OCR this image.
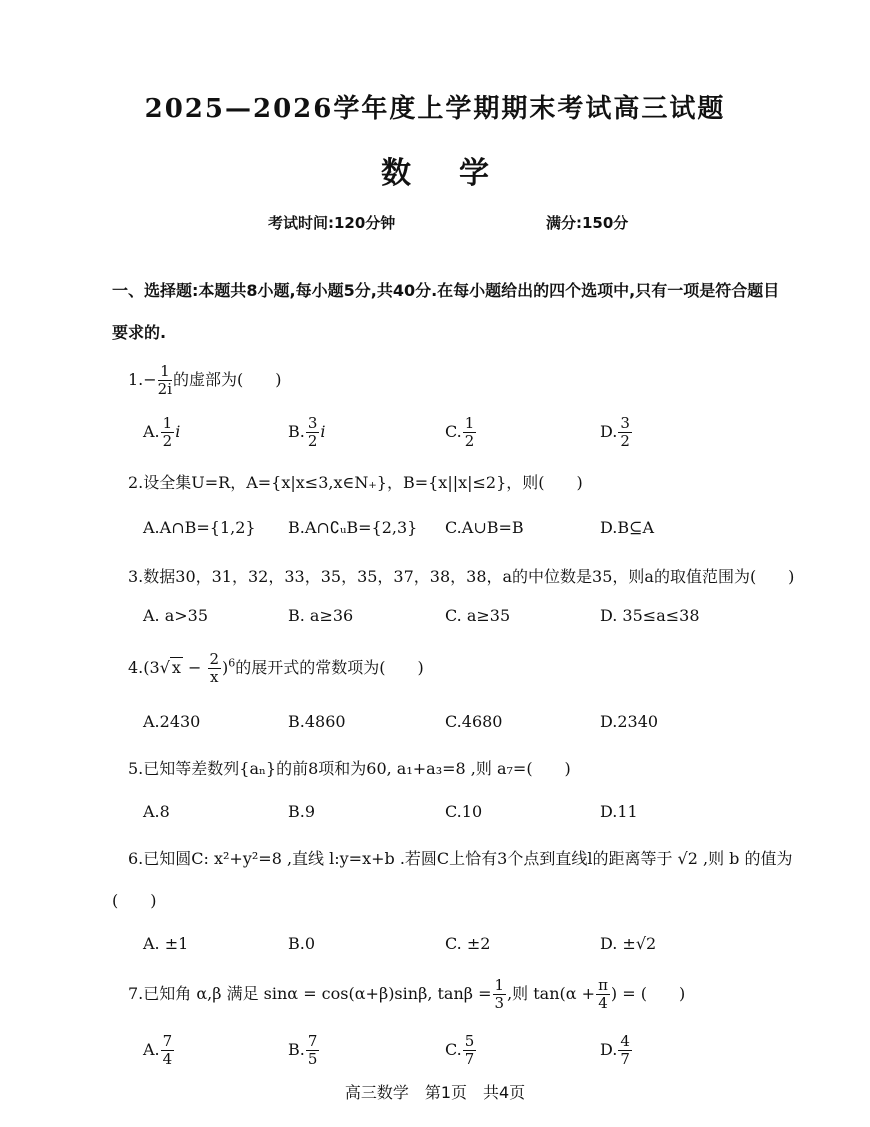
2025—2026学年度上学期期末考试高三试题
数学
考试时间:120分钟	满分:150分
一、选择题:本题共8小题,每小题5分,共40分.在每小题给出的四个选项中,只有一项是符合题目
要求的.
$1.- \frac{1}{2i}$ 的虚部为(　　)
A. $\frac{1}{2}$ i	B. $\frac{3}{2}$ i	C. $\frac{1}{2}$	D. $\frac{3}{2}$
2.设全集U=R，A={x|x≤3,x∈N₊}，B={x||x|≤2}，则(　　)
A.A∩B={1,2} B.A∩∁ᵤB={2,3} C.A∪B=B	D.B⊆A
3.数据30，31，32，33，35，35，37，38，38，a的中位数是35，则a的取值范围为(　　)
A. a>35	B. a≥36	C. a≥35	D. 35≤a≤38
4.(3√ $x - \frac{2}{x} )^6$的展开式的常数项为(　　)
A.2430	B.4860	C.4680	D.2340
5.已知等差数列{aₙ}的前8项和为60, a₁+a₃=8 ,则 a₇=(　　)
A.8	B.9	C.10	D.11
6.已知圆C: x²+y²=8 ,直线 l:y=x+b .若圆C上恰有3个点到直线l的距离等于 √2 ,则 b 的值为
(　　)
A. ±1	B.0	C. ±2	D. ±√2
7.已知角 α,β 满足 sinα = cos(α+β)sinβ, $\tan\beta = \frac{1}{3}$ ,则 $\tan(\alpha + \frac{\pi}{4}$ ) = (　　)
A. $\frac{7}{4}$	B. $\frac{7}{5}$	C. $\frac{5}{7}$	D. $\frac{4}{7}$
高三数学　第1页　共4页
